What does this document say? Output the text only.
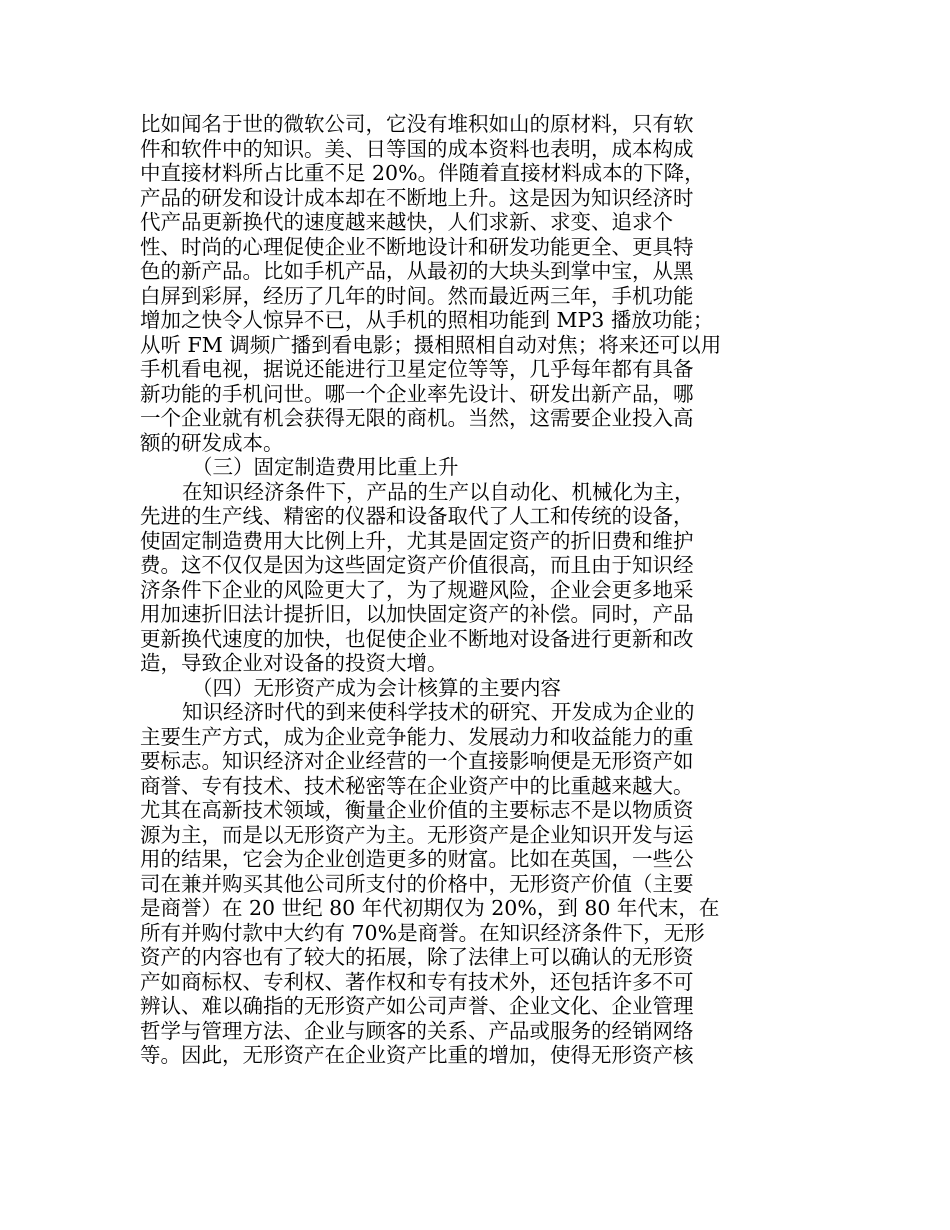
比如闻名于世的微软公司，它没有堆积如山的原材料，只有软
件和软件中的知识。美、日等国的成本资料也表明，成本构成
中直接材料所占比重不足 20%。伴随着直接材料成本的下降，
产品的研发和设计成本却在不断地上升。这是因为知识经济时
代产品更新换代的速度越来越快，人们求新、求变、追求个
性、时尚的心理促使企业不断地设计和研发功能更全、更具特
色的新产品。比如手机产品，从最初的大块头到掌中宝，从黑
白屏到彩屏，经历了几年的时间。然而最近两三年，手机功能
增加之快令人惊异不已，从手机的照相功能到 MP3 播放功能；
从听 FM 调频广播到看电影；摄相照相自动对焦；将来还可以用
手机看电视，据说还能进行卫星定位等等，几乎每年都有具备
新功能的手机问世。哪一个企业率先设计、研发出新产品，哪
一个企业就有机会获得无限的商机。当然，这需要企业投入高
额的研发成本。
（三）固定制造费用比重上升
在知识经济条件下，产品的生产以自动化、机械化为主，
先进的生产线、精密的仪器和设备取代了人工和传统的设备，
使固定制造费用大比例上升，尤其是固定资产的折旧费和维护
费。这不仅仅是因为这些固定资产价值很高，而且由于知识经
济条件下企业的风险更大了，为了规避风险，企业会更多地采
用加速折旧法计提折旧，以加快固定资产的补偿。同时，产品
更新换代速度的加快，也促使企业不断地对设备进行更新和改
造，导致企业对设备的投资大增。
（四）无形资产成为会计核算的主要内容
知识经济时代的到来使科学技术的研究、开发成为企业的
主要生产方式，成为企业竞争能力、发展动力和收益能力的重
要标志。知识经济对企业经营的一个直接影响便是无形资产如
商誉、专有技术、技术秘密等在企业资产中的比重越来越大。
尤其在高新技术领域，衡量企业价值的主要标志不是以物质资
源为主，而是以无形资产为主。无形资产是企业知识开发与运
用的结果，它会为企业创造更多的财富。比如在英国，一些公
司在兼并购买其他公司所支付的价格中，无形资产价值（主要
是商誉）在 20 世纪 80 年代初期仅为 20%，到 80 年代末，在
所有并购付款中大约有 70%是商誉。在知识经济条件下，无形
资产的内容也有了较大的拓展，除了法律上可以确认的无形资
产如商标权、专利权、著作权和专有技术外，还包括许多不可
辨认、难以确指的无形资产如公司声誉、企业文化、企业管理
哲学与管理方法、企业与顾客的关系、产品或服务的经销网络
等。因此，无形资产在企业资产比重的增加，使得无形资产核
